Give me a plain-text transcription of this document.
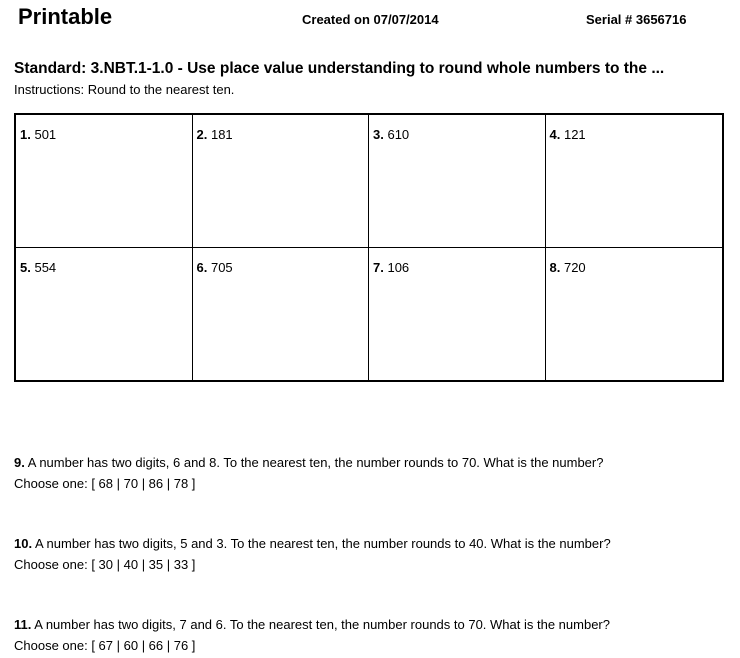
Printable	Created on 07/07/2014	Serial # 3656716
Standard: 3.NBT.1-1.0 - Use place value understanding to round whole numbers to the ...
Instructions: Round to the nearest ten.
1. 501	2. 181	3. 610	4. 121
5. 554	6. 705	7. 106	8. 720
9. A number has two digits, 6 and 8. To the nearest ten, the number rounds to 70. What is the number?
Choose one: [ 68 | 70 | 86 | 78 ]
10. A number has two digits, 5 and 3. To the nearest ten, the number rounds to 40. What is the number?
Choose one: [ 30 | 40 | 35 | 33 ]
11. A number has two digits, 7 and 6. To the nearest ten, the number rounds to 70. What is the number?
Choose one: [ 67 | 60 | 66 | 76 ]
